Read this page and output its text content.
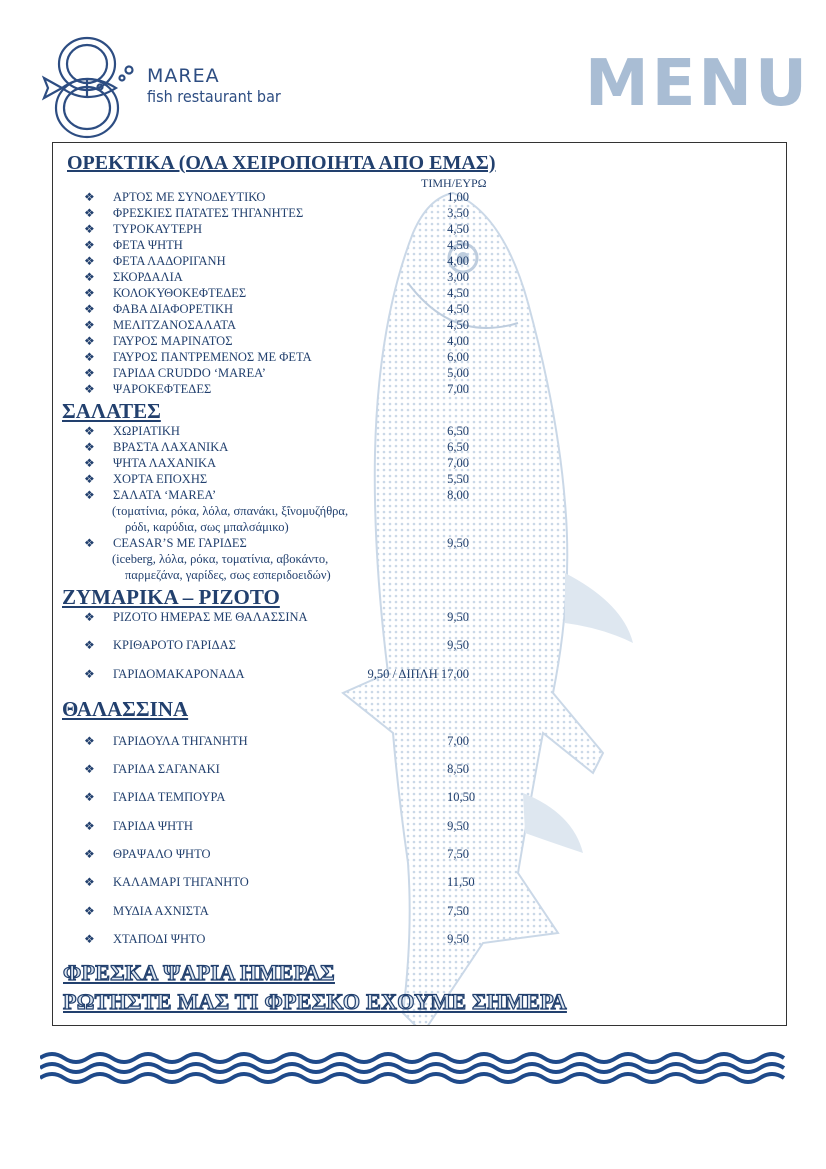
MAREA
fish restaurant bar	MENU
ΟΡΕΚΤΙΚΑ (ΟΛΑ ΧΕΙΡΟΠΟΙΗΤΑ ΑΠΟ ΕΜΑΣ)
ΤΙΜΗ/ΕΥΡΩ
❖ ΑΡΤΟΣ ΜΕ ΣΥΝΟΔΕΥΤΙΚΟ	1,00
❖ ΦΡΕΣΚΙΕΣ ΠΑΤΑΤΕΣ ΤΗΓΑΝΗΤΕΣ	3,50
❖ ΤΥΡΟΚΑΥΤΕΡΗ	4,50
❖ ΦΕΤΑ ΨΗΤΗ	4,50
❖ ΦΕΤΑ ΛΑΔΟΡΙΓΑΝΗ	4,00
❖ ΣΚΟΡΔΑΛΙΑ	3,00
❖ ΚΟΛΟΚΥΘΟΚΕΦΤΕΔΕΣ	4,50
❖ ΦΑΒΑ ΔΙΑΦΟΡΕΤΙΚΗ	4,50
❖ ΜΕΛΙΤΖΑΝΟΣΑΛΑΤΑ	4,50
❖ ΓΑΥΡΟΣ ΜΑΡΙΝΑΤΟΣ	4,00
❖ ΓΑΥΡΟΣ ΠΑΝΤΡΕΜΕΝΟΣ ΜΕ ΦΕΤΑ	6,00
❖ ΓΑΡΙΔΑ CRUDDO ‘MAREA’	5,00
❖ ΨΑΡΟΚΕΦΤΕΔΕΣ	7,00
ΣΑΛΑΤΕΣ
❖ ΧΩΡΙΑΤΙΚΗ	6,50
❖ ΒΡΑΣΤΑ ΛΑΧΑΝΙΚΑ	6,50
❖ ΨΗΤΑ ΛΑΧΑΝΙΚΑ	7,00
❖ ΧΟΡΤΑ ΕΠΟΧΗΣ	5,50
❖ ΣΑΛΑΤΑ ‘MAREA’	8,00
(τοματίνια, ρόκα, λόλα, σπανάκι, ξΐνομυζήθρα,
ρόδι, καρύδια, σως μπαλσάμικο)
❖ CEASAR’S ΜΕ ΓΑΡΙΔΕΣ	9,50
(iceberg, λόλα, ρόκα, τοματίνια, αβοκάντο,
παρμεζάνα, γαρίδες, σως εσπεριδοειδών)
ΖΥΜΑΡΙΚΑ – ΡΙΖΟΤΟ
❖ ΡΙΖΟΤΟ ΗΜΕΡΑΣ ΜΕ ΘΑΛΑΣΣΙΝΑ	9,50
❖ ΚΡΙΘΑΡΟΤΟ ΓΑΡΙΔΑΣ	9,50
❖ ΓΑΡΙΔΟΜΑΚΑΡΟΝΑΔΑ	9,50 / ΔΙΠΛΗ 17,00
ΘΑΛΑΣΣΙΝΑ
❖ ΓΑΡΙΔΟΥΛΑ ΤΗΓΑΝΗΤΗ	7,00
❖ ΓΑΡΙΔΑ ΣΑΓΑΝΑΚΙ	8,50
❖ ΓΑΡΙΔΑ ΤΕΜΠΟΥΡΑ	10,50
❖ ΓΑΡΙΔΑ ΨΗΤΗ	9,50
❖ ΘΡΑΨΑΛΟ ΨΗΤΟ	7,50
❖ ΚΑΛΑΜΑΡΙ ΤΗΓΑΝΗΤΟ	11,50
❖ ΜΥΔΙΑ ΑΧΝΙΣΤΑ	7,50
❖ ΧΤΑΠΟΔΙ ΨΗΤΟ	9,50
ΦΡΕΣΚΑ ΨΑΡΙΑ ΗΜΕΡΑΣ
ΡΩΤΗΣΤΕ ΜΑΣ ΤΙ ΦΡΕΣΚΟ ΕΧΟΥΜΕ ΣΗΜΕΡΑ
